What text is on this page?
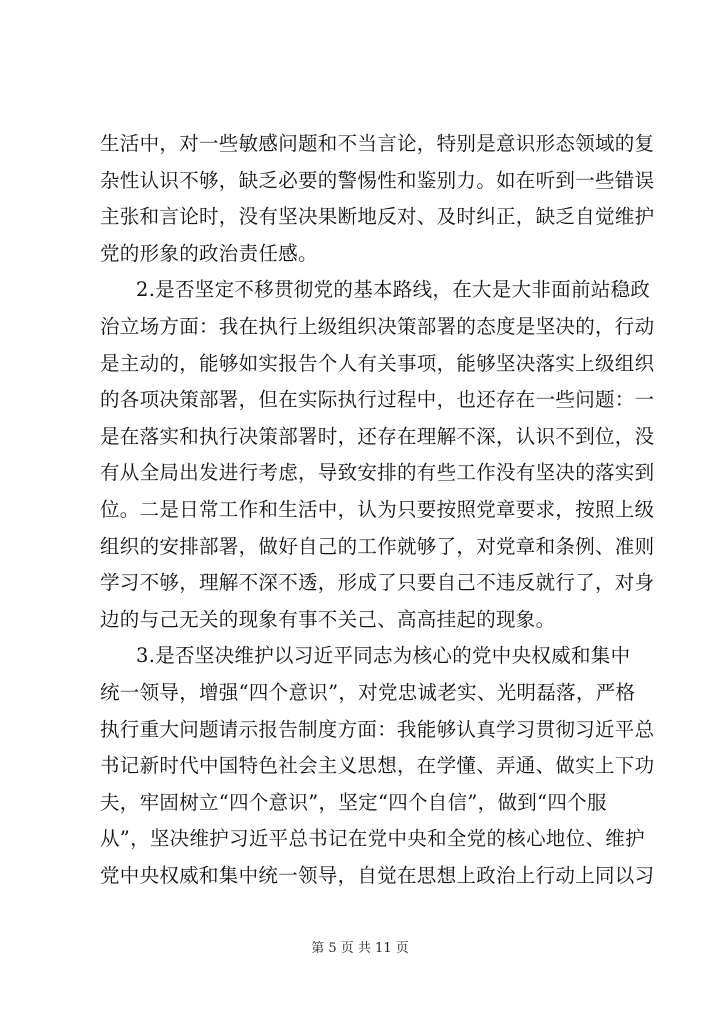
生活中，对一些敏感问题和不当言论，特别是意识形态领域的复
杂性认识不够，缺乏必要的警惕性和鉴别力。如在听到一些错误
主张和言论时，没有坚决果断地反对、及时纠正，缺乏自觉维护
党的形象的政治责任感。
2.是否坚定不移贯彻党的基本路线，在大是大非面前站稳政
治立场方面：我在执行上级组织决策部署的态度是坚决的，行动
是主动的，能够如实报告个人有关事项，能够坚决落实上级组织
的各项决策部署，但在实际执行过程中，也还存在一些问题：一
是在落实和执行决策部署时，还存在理解不深，认识不到位，没
有从全局出发进行考虑，导致安排的有些工作没有坚决的落实到
位。二是日常工作和生活中，认为只要按照党章要求，按照上级
组织的安排部署，做好自己的工作就够了，对党章和条例、准则
学习不够，理解不深不透，形成了只要自己不违反就行了，对身
边的与己无关的现象有事不关己、高高挂起的现象。
3.是否坚决维护以习近平同志为核心的党中央权威和集中
统一领导，增强“四个意识”，对党忠诚老实、光明磊落，严格
执行重大问题请示报告制度方面：我能够认真学习贯彻习近平总
书记新时代中国特色社会主义思想，在学懂、弄通、做实上下功
夫，牢固树立“四个意识”，坚定“四个自信”，做到“四个服
从”，坚决维护习近平总书记在党中央和全党的核心地位、维护
党中央权威和集中统一领导，自觉在思想上政治上行动上同以习
第 5 页 共 11 页
